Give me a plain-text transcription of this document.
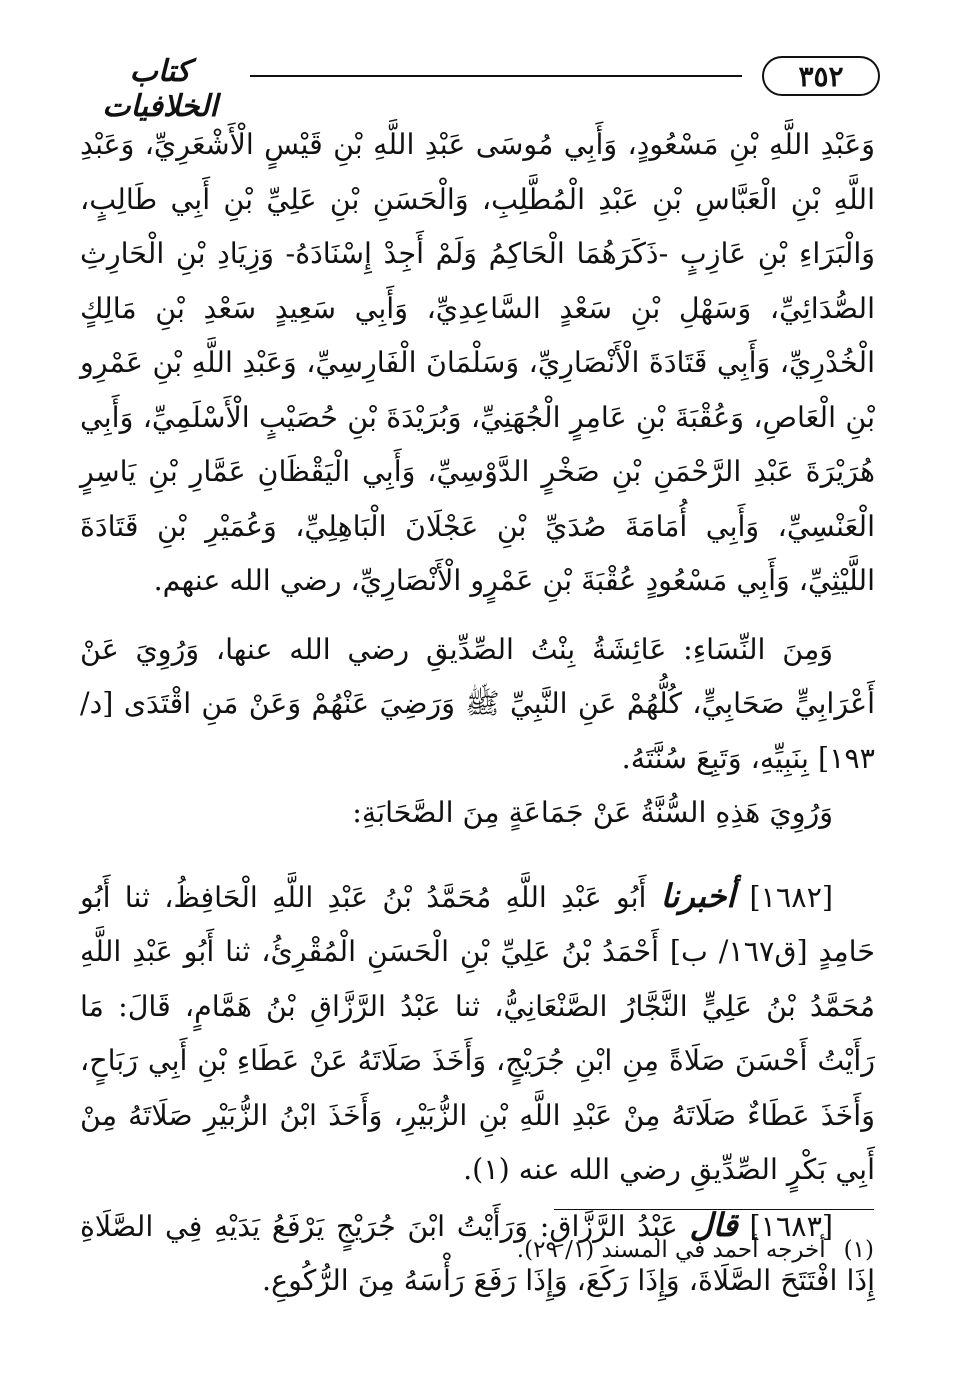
٣٥٢
كتاب الخلافيات

وَعَبْدِ اللَّهِ بْنِ مَسْعُودٍ، وَأَبِي مُوسَى عَبْدِ اللَّهِ بْنِ قَيْسٍ الْأَشْعَرِيِّ، وَعَبْدِ اللَّهِ بْنِ الْعَبَّاسِ بْنِ عَبْدِ الْمُطَّلِبِ، وَالْحَسَنِ بْنِ عَلِيِّ بْنِ أَبِي طَالِبٍ، وَالْبَرَاءِ بْنِ عَازِبٍ -ذَكَرَهُمَا الْحَاكِمُ وَلَمْ أَجِدْ إِسْنَادَهُ- وَزِيَادِ بْنِ الْحَارِثِ الصُّدَائِيِّ، وَسَهْلِ بْنِ سَعْدٍ السَّاعِدِيِّ، وَأَبِي سَعِيدٍ سَعْدِ بْنِ مَالِكٍ الْخُدْرِيِّ، وَأَبِي قَتَادَةَ الْأَنْصَارِيِّ، وَسَلْمَانَ الْفَارِسِيِّ، وَعَبْدِ اللَّهِ بْنِ عَمْرِو بْنِ الْعَاصِ، وَعُقْبَةَ بْنِ عَامِرٍ الْجُهَنِيِّ، وَبُرَيْدَةَ بْنِ حُصَيْبٍ الْأَسْلَمِيِّ، وَأَبِي هُرَيْرَةَ عَبْدِ الرَّحْمَنِ بْنِ صَخْرٍ الدَّوْسِيِّ، وَأَبِي الْيَقْظَانِ عَمَّارِ بْنِ يَاسِرٍ الْعَنْسِيِّ، وَأَبِي أُمَامَةَ صُدَيِّ بْنِ عَجْلَانَ الْبَاهِلِيِّ، وَعُمَيْرِ بْنِ قَتَادَةَ اللَّيْثِيِّ، وَأَبِي مَسْعُودٍ عُقْبَةَ بْنِ عَمْرٍو الْأَنْصَارِيِّ، رضي الله عنهم.

وَمِنَ النِّسَاءِ: عَائِشَةُ بِنْتُ الصِّدِّيقِ رضي الله عنها، وَرُوِيَ عَنْ أَعْرَابِيٍّ صَحَابِيٍّ، كُلُّهُمْ عَنِ النَّبِيِّ ﷺ وَرَضِيَ عَنْهُمْ وَعَنْ مَنِ اقْتَدَى [د/ ١٩٣] بِنَبِيِّهِ، وَتَبِعَ سُنَّتَهُ.

وَرُوِيَ هَذِهِ السُّنَّةُ عَنْ جَمَاعَةٍ مِنَ الصَّحَابَةِ:

[١٦٨٢] أخبرنا أَبُو عَبْدِ اللَّهِ مُحَمَّدُ بْنُ عَبْدِ اللَّهِ الْحَافِظُ، ثنا أَبُو حَامِدٍ [ق١٦٧/ ب] أَحْمَدُ بْنُ عَلِيِّ بْنِ الْحَسَنِ الْمُقْرِئُ، ثنا أَبُو عَبْدِ اللَّهِ مُحَمَّدُ بْنُ عَلِيٍّ النَّجَّارُ الصَّنْعَانِيُّ، ثنا عَبْدُ الرَّزَّاقِ بْنُ هَمَّامٍ، قَالَ: مَا رَأَيْتُ أَحْسَنَ صَلَاةً مِنِ ابْنِ جُرَيْجٍ، وَأَخَذَ صَلَاتَهُ عَنْ عَطَاءِ بْنِ أَبِي رَبَاحٍ، وَأَخَذَ عَطَاءٌ صَلَاتَهُ مِنْ عَبْدِ اللَّهِ بْنِ الزُّبَيْرِ، وَأَخَذَ ابْنُ الزُّبَيْرِ صَلَاتَهُ مِنْ أَبِي بَكْرٍ الصِّدِّيقِ رضي الله عنه (١).

[١٦٨٣] قال عَبْدُ الرَّزَّاقِ: وَرَأَيْتُ ابْنَ جُرَيْجٍ يَرْفَعُ يَدَيْهِ فِي الصَّلَاةِ إِذَا افْتَتَحَ الصَّلَاةَ، وَإِذَا رَكَعَ، وَإِذَا رَفَعَ رَأْسَهُ مِنَ الرُّكُوعِ.

(١)أخرجه أحمد في المسند (١/ ٢٩).
